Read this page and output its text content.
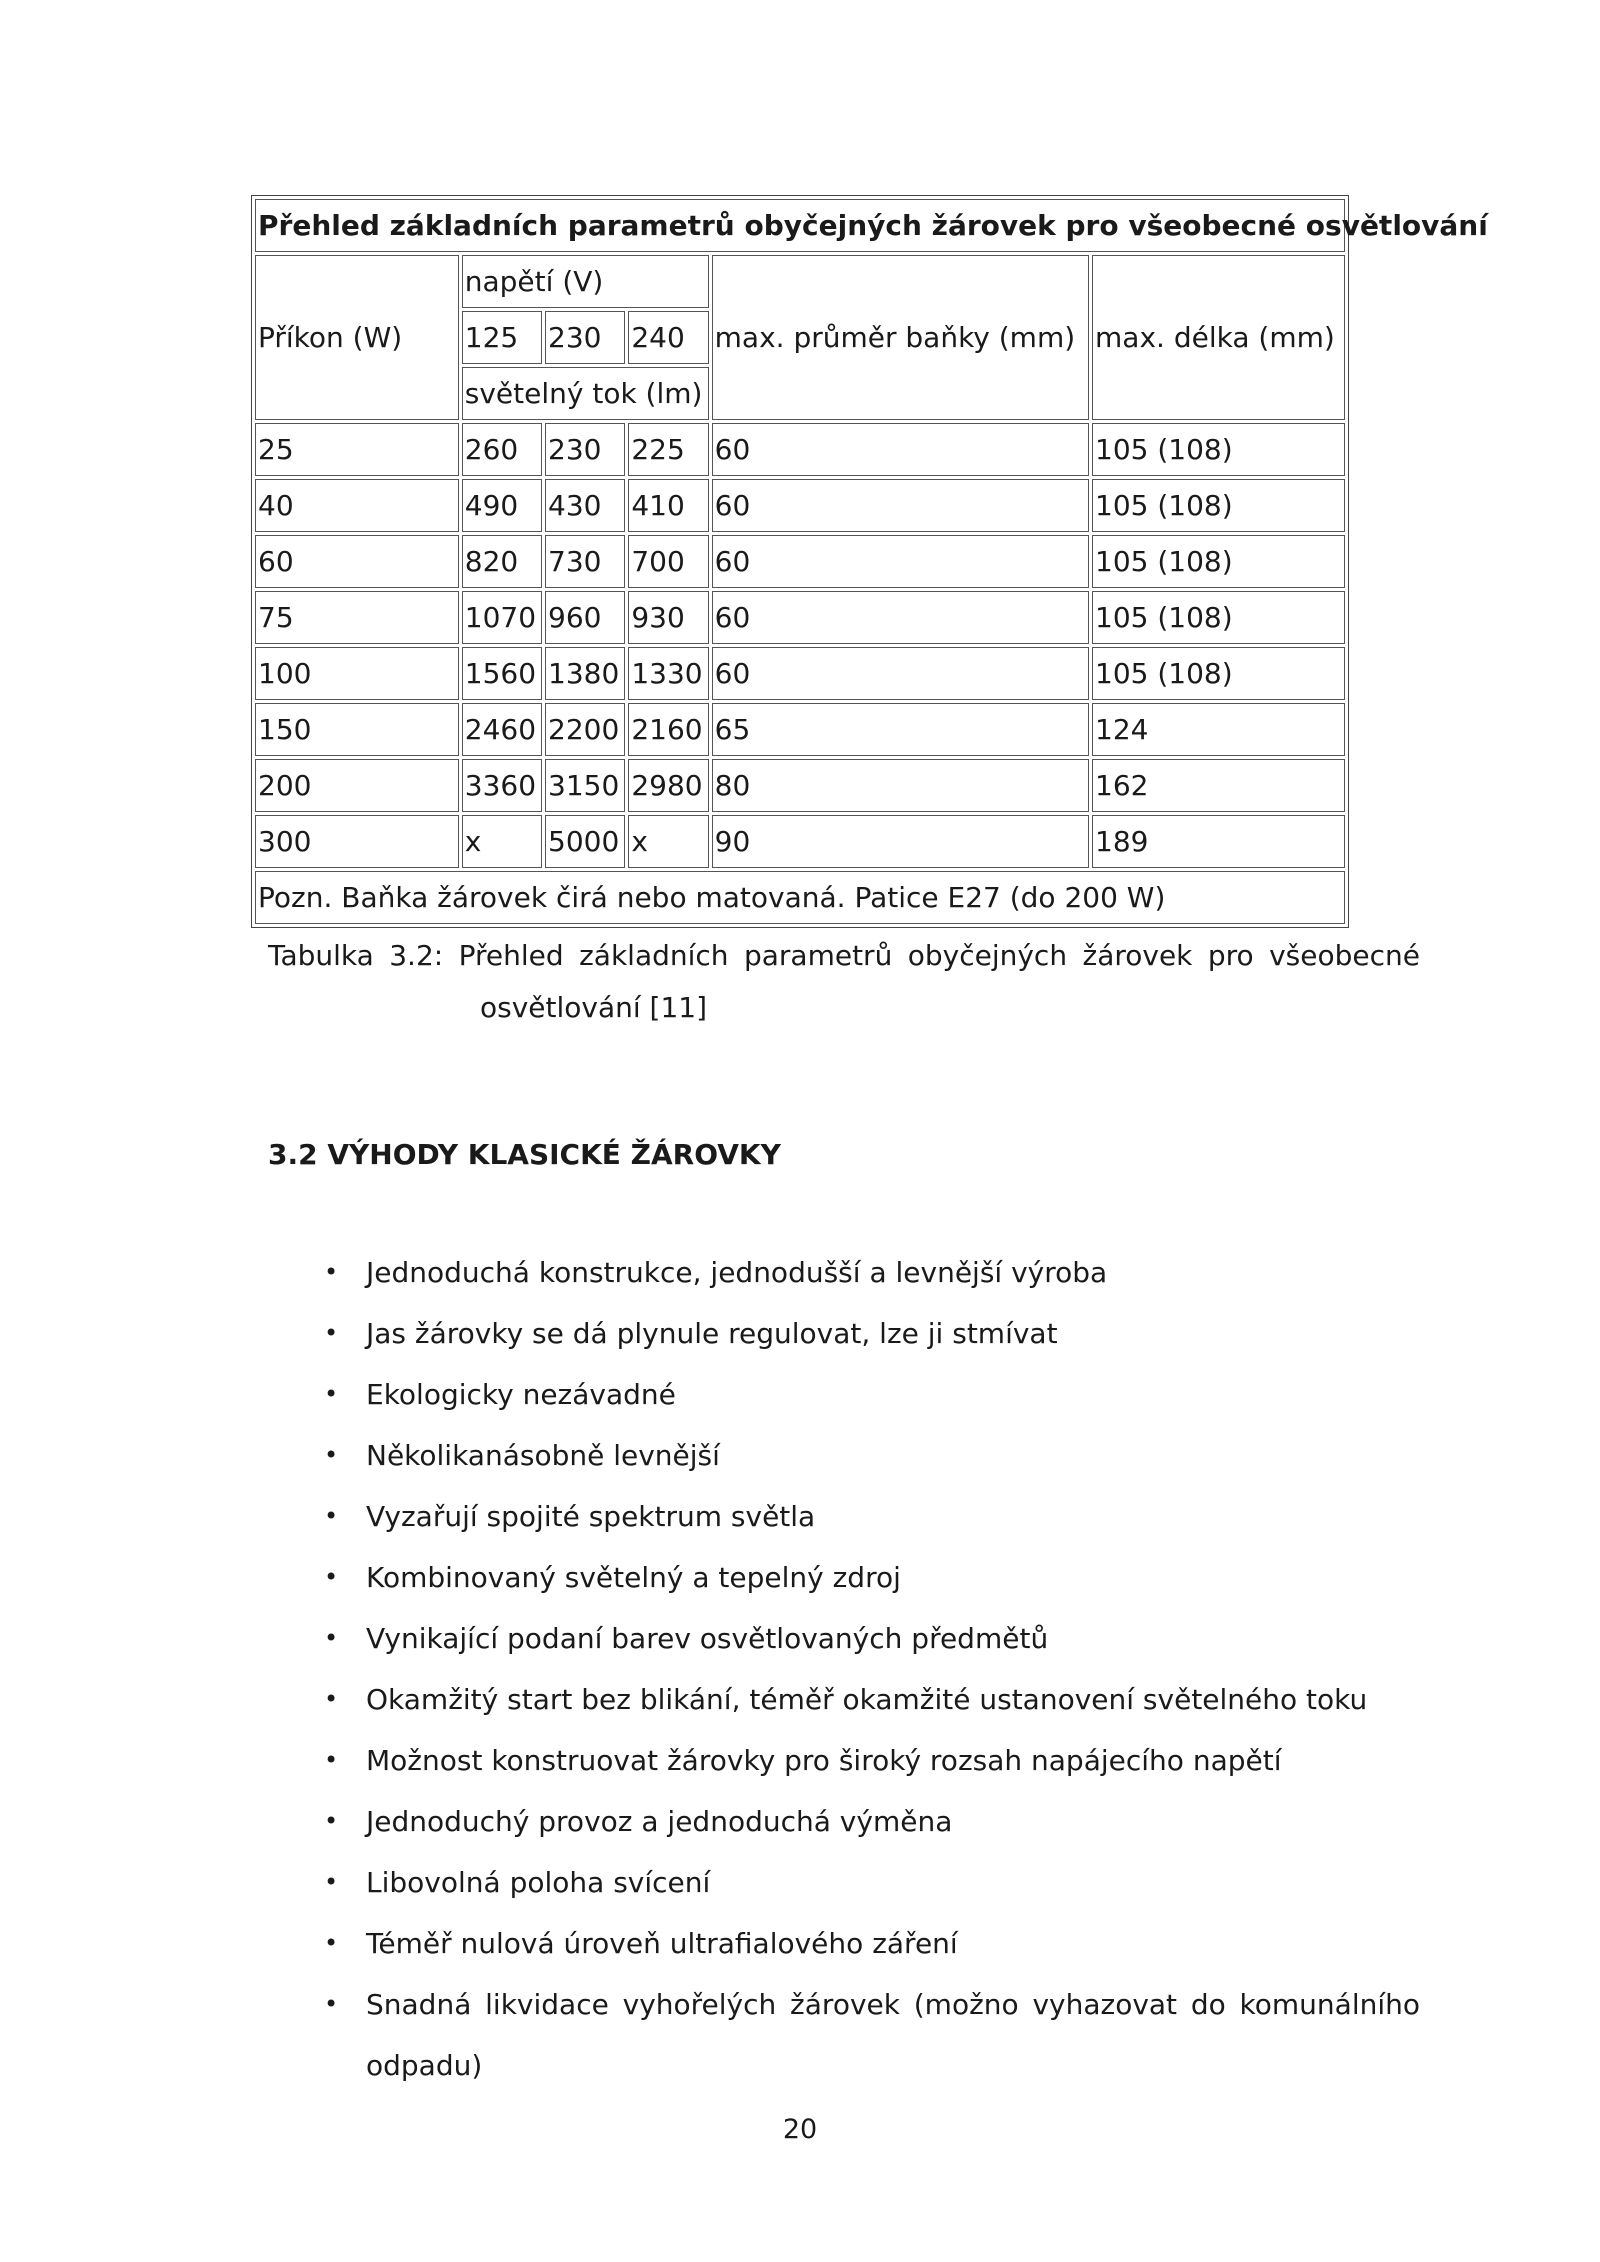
Přehled základních parametrů obyčejných žárovek pro všeobecné osvětlování					
Příkon (W)	napětí (V)			max. průměr baňky (mm)	max. délka (mm)
	125	230	240		
	světelný tok (lm)				
25	260	230	225	60	105 (108)
40	490	430	410	60	105 (108)
60	820	730	700	60	105 (108)
75	1070	960	930	60	105 (108)
100	1560	1380	1330	60	105 (108)
150	2460	2200	2160	65	124
200	3360	3150	2980	80	162
300	x	5000	x	90	189
Pozn. Baňka žárovek čirá nebo matovaná. Patice E27 (do 200 W)					
Tabulka 3.2: Přehled základních parametrů obyčejných žárovek pro všeobecné
osvětlování [11]
3.2 VÝHODY KLASICKÉ ŽÁROVKY
• Jednoduchá konstrukce, jednodušší a levnější výroba
• Jas žárovky se dá plynule regulovat, lze ji stmívat
• Ekologicky nezávadné
• Několikanásobně levnější
• Vyzařují spojité spektrum světla
• Kombinovaný světelný a tepelný zdroj
• Vynikající podaní barev osvětlovaných předmětů
• Okamžitý start bez blikání, téměř okamžité ustanovení světelného toku
• Možnost konstruovat žárovky pro široký rozsah napájecího napětí
• Jednoduchý provoz a jednoduchá výměna
• Libovolná poloha svícení
• Téměř nulová úroveň ultrafialového záření
• Snadná likvidace vyhořelých žárovek (možno vyhazovat do komunálního odpadu)
20
